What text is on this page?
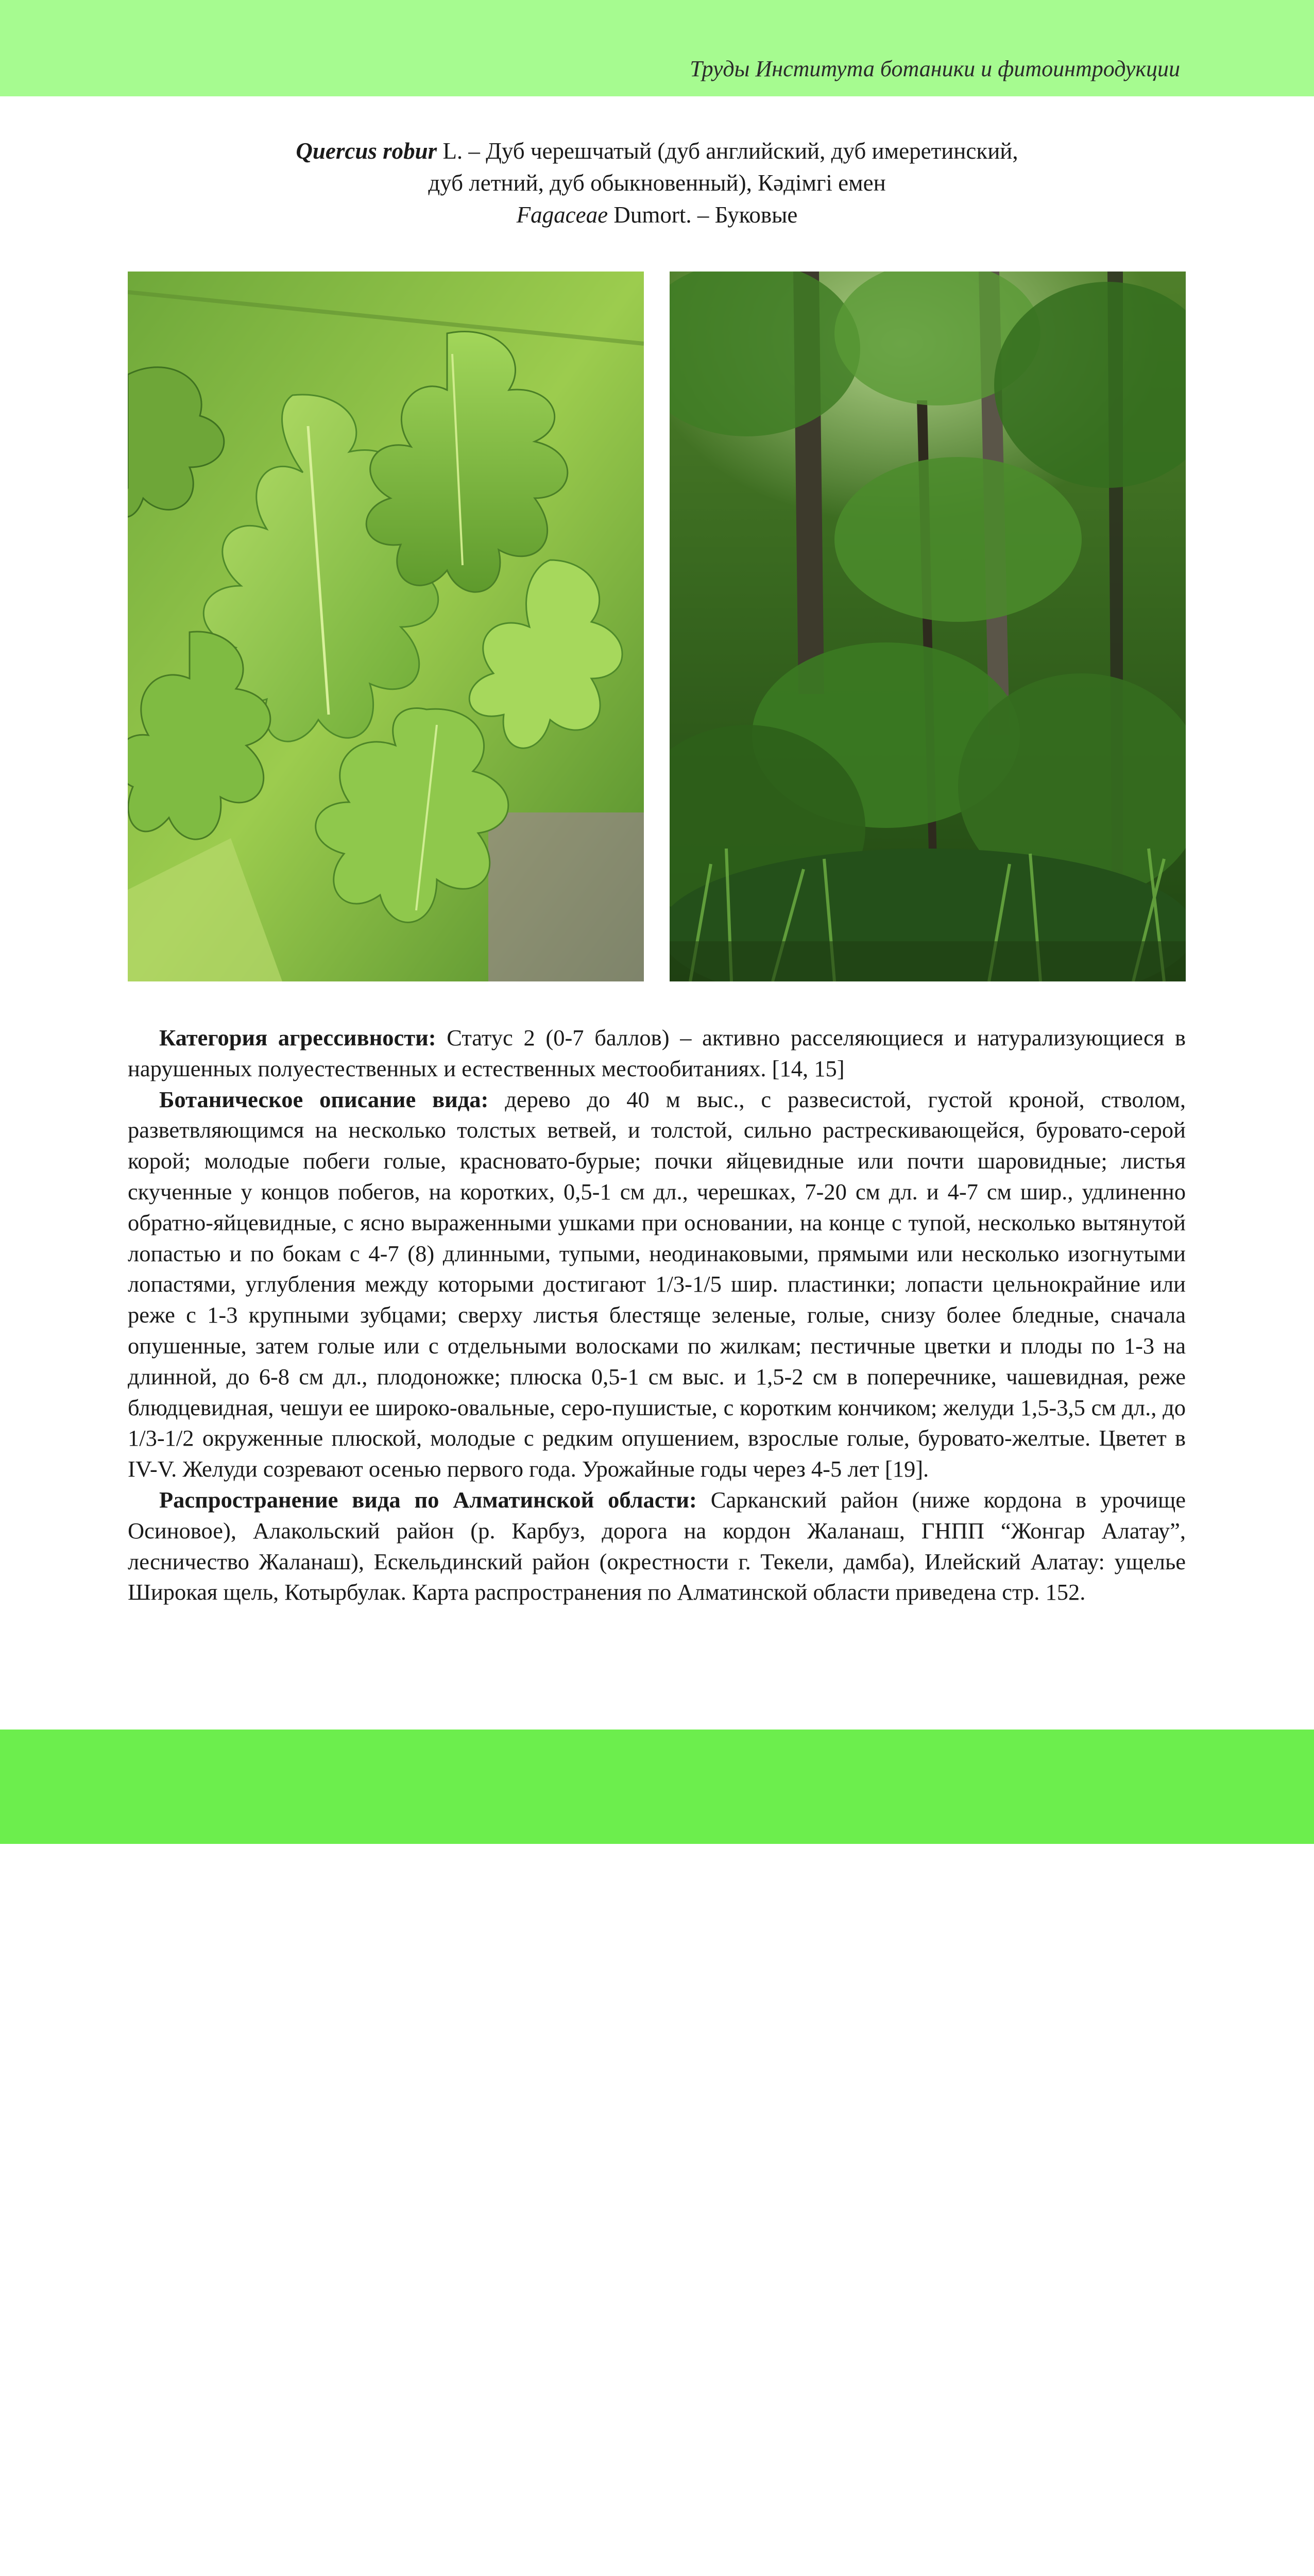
Труды Института ботаники и фитоинтродукции
Quercus robur L. – Дуб черешчатый (дуб английский, дуб имеретинский,
дуб летний, дуб обыкновенный), Кәдімгі емен
Fagaceae Dumort. – Буковые

Категория агрессивности: Статус 2 (0-7 баллов) – активно расселяющиеся и натурализующиеся в нарушенных полуестественных и естественных местообитаниях. [14, 15]

Ботаническое описание вида: дерево до 40 м выс., с развесистой, густой кроной, стволом, разветвляющимся на несколько толстых ветвей, и толстой, сильно растрескивающейся, буровато-серой корой; молодые побеги голые, красновато-бурые; почки яйцевидные или почти шаровидные; листья скученные у концов побегов, на коротких, 0,5-1 см дл., черешках, 7-20 см дл. и 4-7 см шир., удлиненно обратно-яйцевидные, с ясно выраженными ушками при основании, на конце с тупой, несколько вытянутой лопастью и по бокам с 4-7 (8) длинными, тупыми, неодинаковыми, прямыми или несколько изогнутыми лопастями, углубления между которыми достигают 1/3-1/5 шир. пластинки; лопасти цельнокрайние или реже с 1-3 крупными зубцами; сверху листья блестяще зеленые, голые, снизу более бледные, сначала опушенные, затем голые или с отдельными волосками по жилкам; пестичные цветки и плоды по 1-3 на длинной, до 6-8 см дл., плодоножке; плюска 0,5-1 см выс. и 1,5-2 см в поперечнике, чашевидная, реже блюдцевидная, чешуи ее широко-овальные, серо-пушистые, с коротким кончиком; желуди 1,5-3,5 см дл., до 1/3-1/2 окруженные плюской, молодые с редким опушением, взрослые голые, буровато-желтые. Цветет в IV-V. Желуди созревают осенью первого года. Урожайные годы через 4-5 лет [19].

Распространение вида по Алматинской области: Сарканский район (ниже кордона в урочище Осиновое), Алакольский район (р. Карбуз, дорога на кордон Жаланаш, ГНПП “Жонгар Алатау”, лесничество Жаланаш), Ескельдинский район (окрестности г. Текели, дамба), Илейский Алатау: ущелье Широкая щель, Котырбулак. Карта распространения по Алматинской области приведена стр. 152.
